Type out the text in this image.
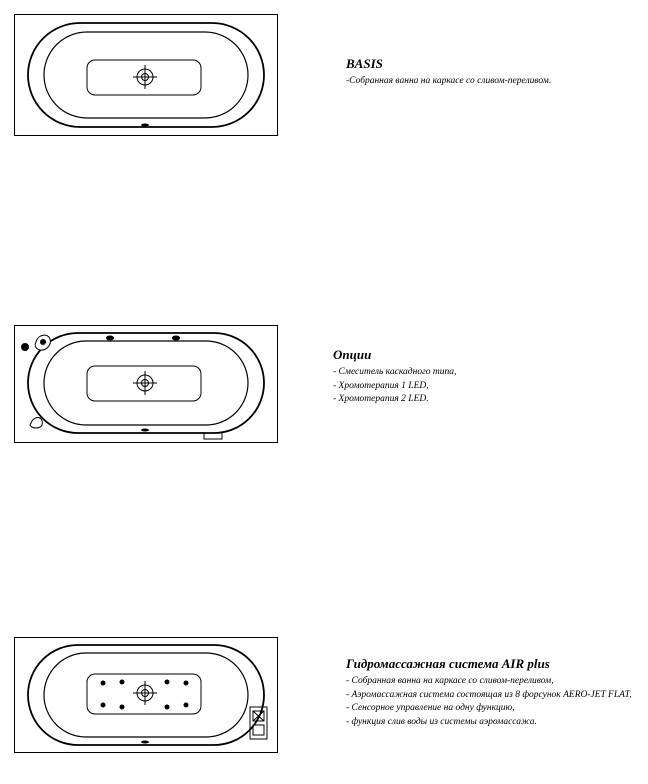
BASIS

-Собранная ванна на каркасе со сливом-переливом.

Опции

- Смеситель каскадного типа,

- Хромотерапия 1 LED,

- Хромотерапия 2 LED.

Гидромассажная система AIR plus

- Собранная ванна на каркасе со сливом-переливом,

- Аэромассажная система состоящая из 8 форсунок AERO-JET FLAT,

- Сенсорное управление на одну функцию,

- функция слив воды из системы аэромассажа.
